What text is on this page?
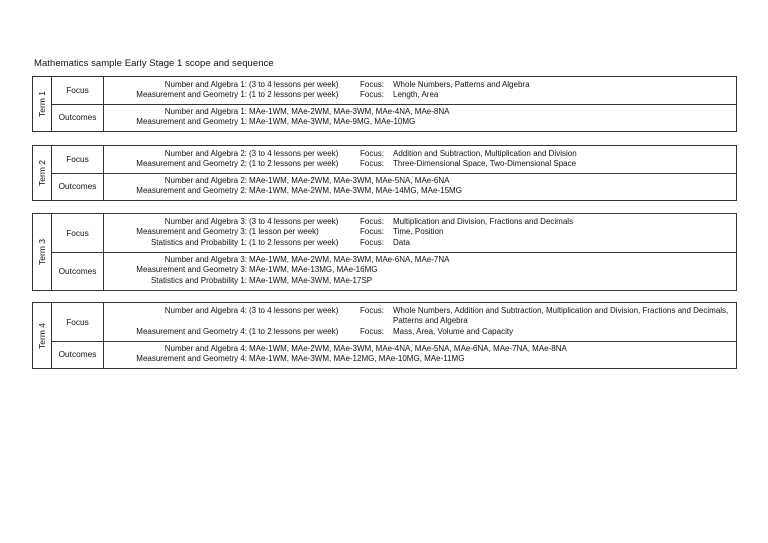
Mathematics sample Early Stage 1 scope and sequence
Term 1
Focus
Number and Algebra 1: (3 to 4 lessons per week)	Focus: Whole Numbers, Patterns and Algebra
Measurement and Geometry 1: (1 to 2 lessons per week)	Focus: Length, Area
Outcomes
Number and Algebra 1: MAe-1WM, MAe-2WM, MAe-3WM, MAe-4NA, MAe-8NA
Measurement and Geometry 1: MAe-1WM, MAe-3WM, MAe-9MG, MAe-10MG
Term 2
Focus
Number and Algebra 2: (3 to 4 lessons per week)	Focus: Addition and Subtraction, Multiplication and Division
Measurement and Geometry 2: (1 to 2 lessons per week)	Focus: Three-Dimensional Space, Two-Dimensional Space
Outcomes
Number and Algebra 2: MAe-1WM, MAe-2WM, MAe-3WM, MAe-5NA, MAe-6NA
Measurement and Geometry 2: MAe-1WM, MAe-2WM, MAe-3WM, MAe-14MG, MAe-15MG
Term 3
Focus
Number and Algebra 3: (3 to 4 lessons per week)	Focus: Multiplication and Division, Fractions and Decimals
Measurement and Geometry 3: (1 lesson per week)	Focus: Time, Position
Statistics and Probability 1: (1 to 2 lessons per week)	Focus: Data
Outcomes
Number and Algebra 3: MAe-1WM, MAe-2WM, MAe-3WM, MAe-6NA, MAe-7NA
Measurement and Geometry 3: MAe-1WM, MAe-13MG, MAe-16MG
Statistics and Probability 1: MAe-1WM, MAe-3WM, MAe-17SP
Term 4
Focus
Number and Algebra 4: (3 to 4 lessons per week)	Focus: Whole Numbers, Addition and Subtraction, Multiplication and Division, Fractions and Decimals, Patterns and Algebra
Measurement and Geometry 4: (1 to 2 lessons per week)	Focus: Mass, Area, Volume and Capacity
Outcomes
Number and Algebra 4: MAe-1WM, MAe-2WM, MAe-3WM, MAe-4NA, MAe-5NA, MAe-6NA, MAe-7NA, MAe-8NA
Measurement and Geometry 4: MAe-1WM, MAe-3WM, MAe-12MG, MAe-10MG, MAe-11MG
